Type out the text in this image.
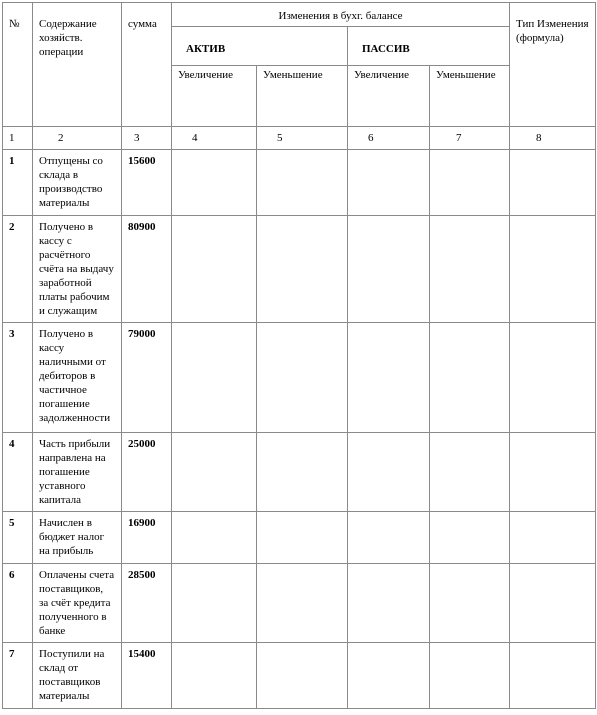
№	Содержание хозяйств. операции	сумма	Изменения в бухг. балансе				Тип Изменения (формула)
			АКТИВ		ПАССИВ		
			Увеличение	Уменьшение	Увеличение	Уменьшение	
1	2	3	4	5	6	7	8
1	Отпущены со склада в производство материалы	15600					
2	Получено в кассу с расчётного счёта на выдачу заработной платы рабочим и служащим	80900					
3	Получено в кассу наличными от дебиторов в частичное погашение задолженности	79000					
4	Часть прибыли направлена на погашение уставного капитала	25000					
5	Начислен в бюджет налог на прибыль	16900					
6	Оплачены счета поставщиков, за счёт кредита полученного в банке	28500					
7	Поступили на склад от поставщиков материалы	15400					
